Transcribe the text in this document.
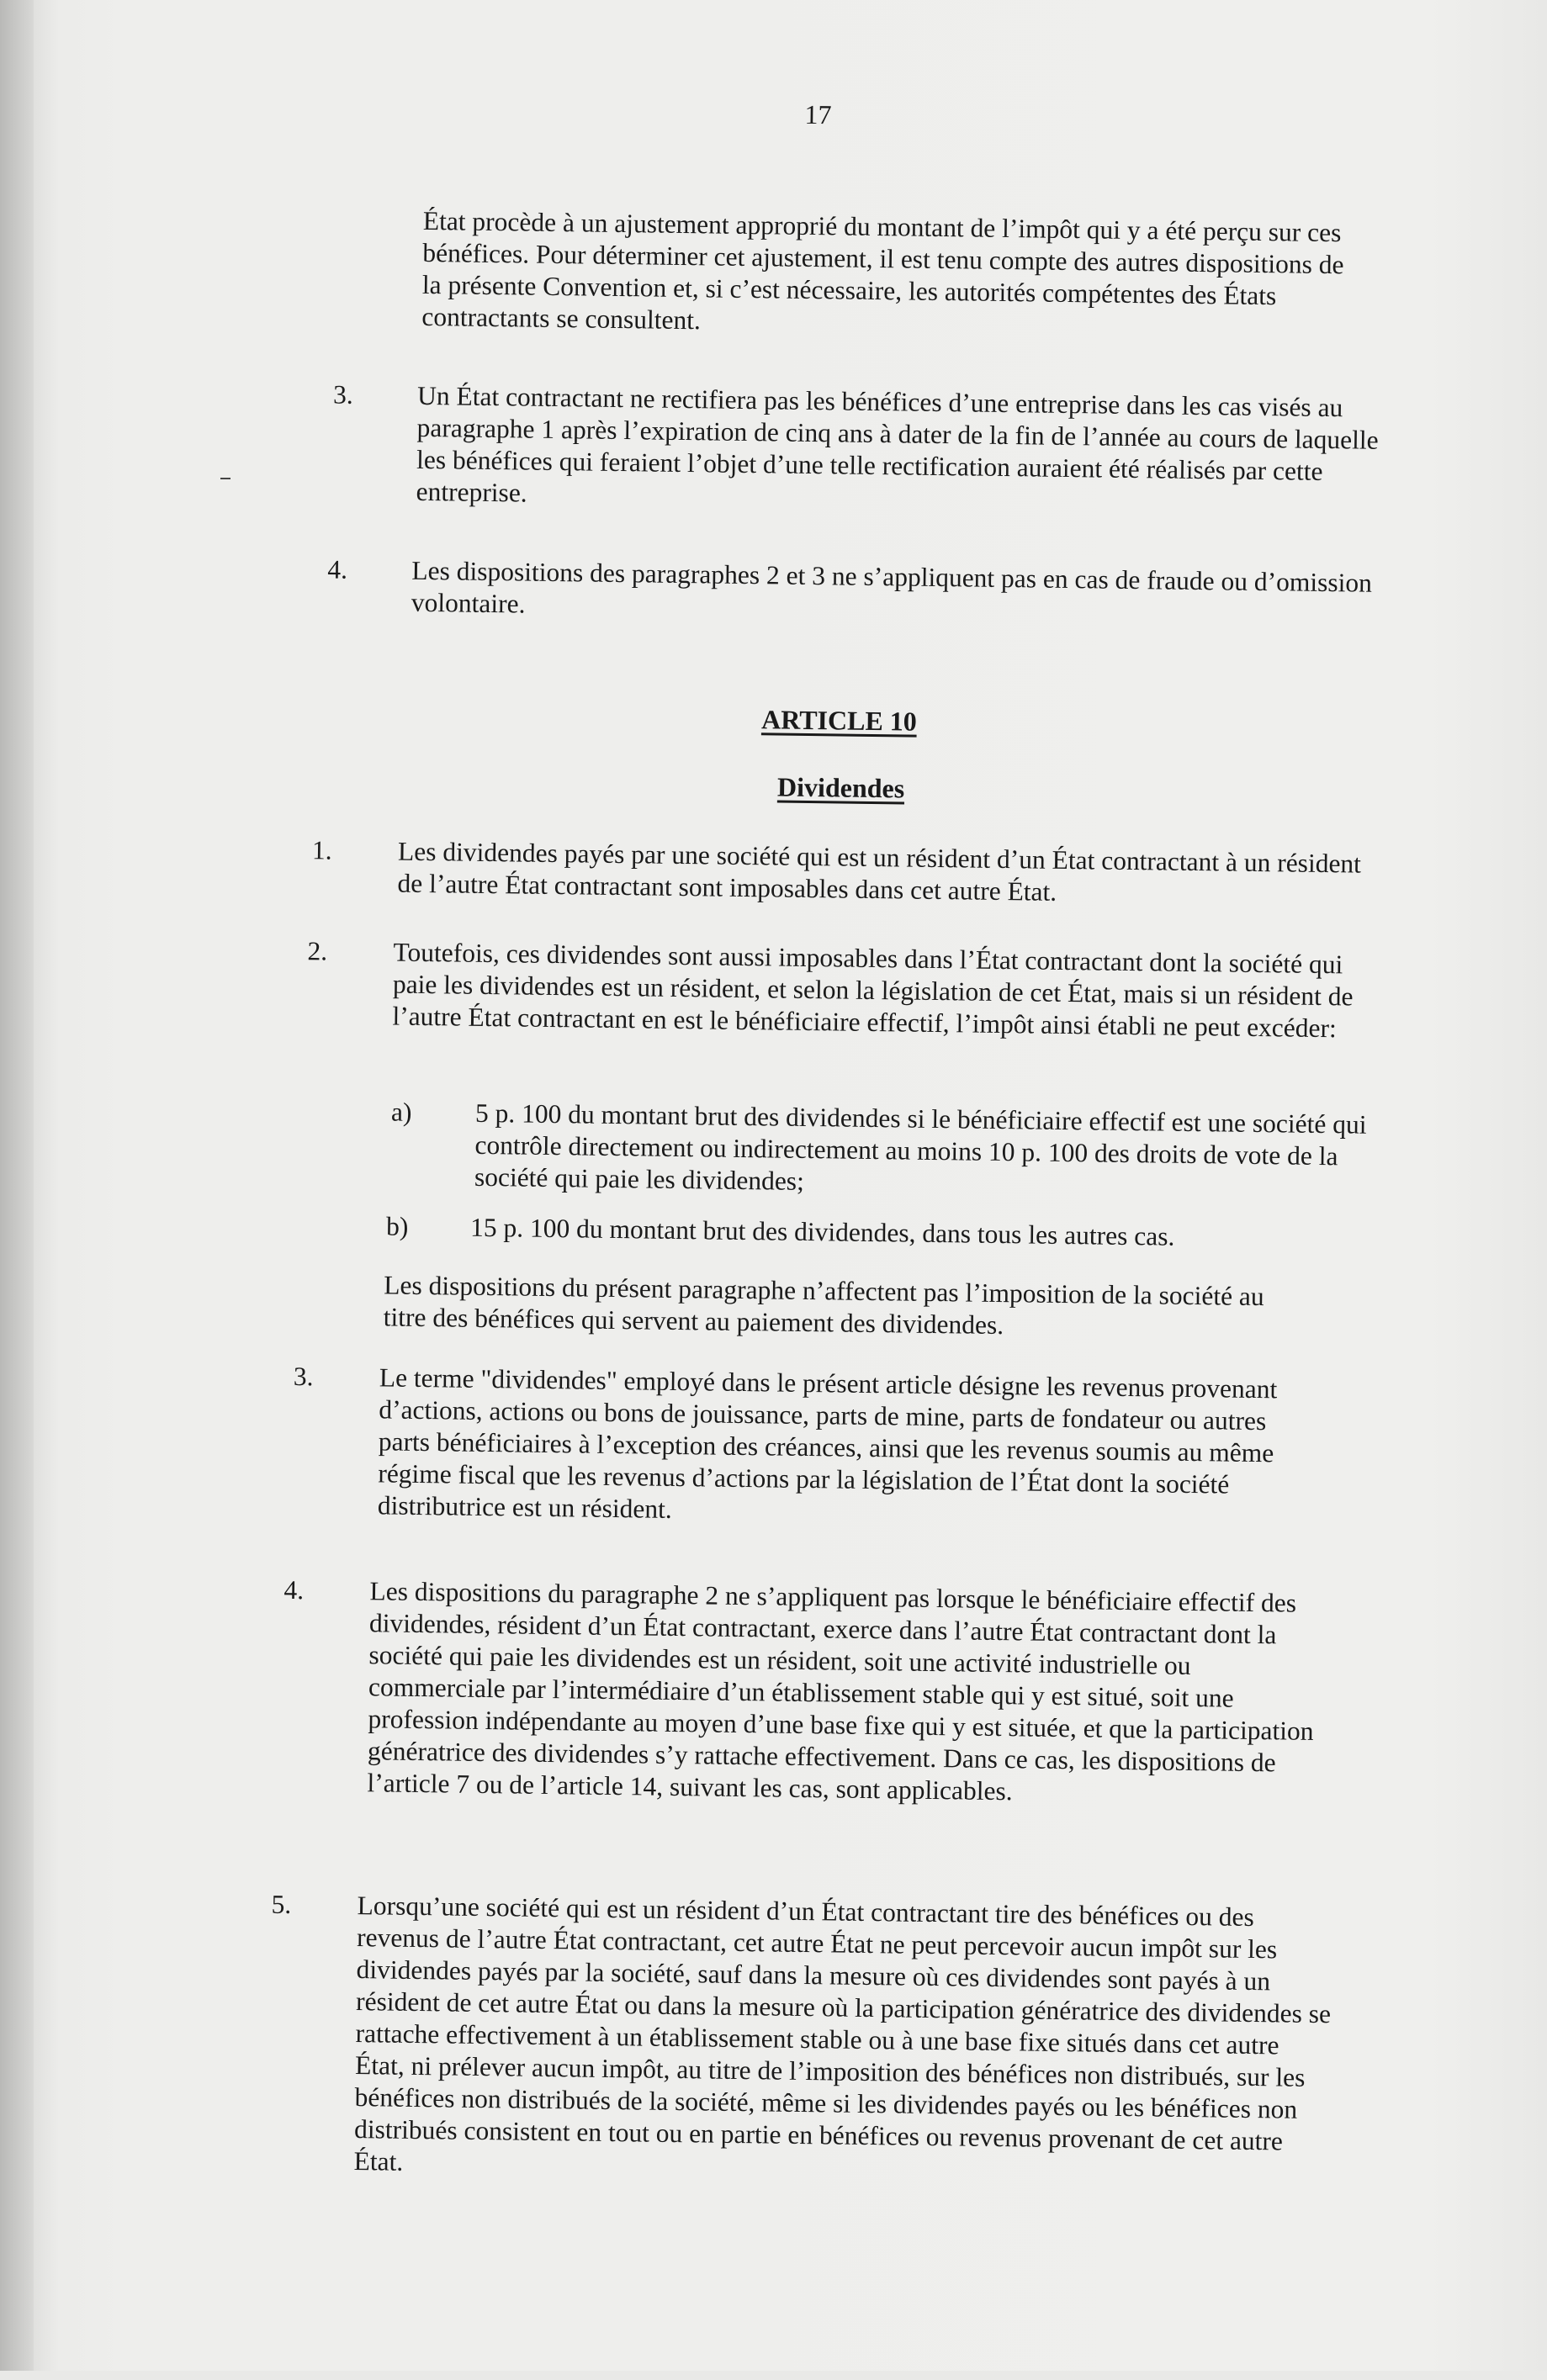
17

État procède à un ajustement approprié du montant de l’impôt qui y a été perçu sur ces bénéfices. Pour déterminer cet ajustement, il est tenu compte des autres dispositions de la présente Convention et, si c’est nécessaire, les autorités compétentes des États contractants se consultent.

3. Un État contractant ne rectifiera pas les bénéfices d’une entreprise dans les cas visés au paragraphe 1 après l’expiration de cinq ans à dater de la fin de l’année au cours de laquelle les bénéfices qui feraient l’objet d’une telle rectification auraient été réalisés par cette entreprise.

4. Les dispositions des paragraphes 2 et 3 ne s’appliquent pas en cas de fraude ou d’omission volontaire.

ARTICLE 10
Dividendes
1. Les dividendes payés par une société qui est un résident d’un État contractant à un résident de l’autre État contractant sont imposables dans cet autre État.

2. Toutefois, ces dividendes sont aussi imposables dans l’État contractant dont la société qui paie les dividendes est un résident, et selon la législation de cet État, mais si un résident de l’autre État contractant en est le bénéficiaire effectif, l’impôt ainsi établi ne peut excéder:

a) 5 p. 100 du montant brut des dividendes si le bénéficiaire effectif est une société qui contrôle directement ou indirectement au moins 10 p. 100 des droits de vote de la société qui paie les dividendes;

b) 15 p. 100 du montant brut des dividendes, dans tous les autres cas.

Les dispositions du présent paragraphe n’affectent pas l’imposition de la société au titre des bénéfices qui servent au paiement des dividendes.

3. Le terme "dividendes" employé dans le présent article désigne les revenus provenant d’actions, actions ou bons de jouissance, parts de mine, parts de fondateur ou autres parts bénéficiaires à l’exception des créances, ainsi que les revenus soumis au même régime fiscal que les revenus d’actions par la législation de l’État dont la société distributrice est un résident.

4. Les dispositions du paragraphe 2 ne s’appliquent pas lorsque le bénéficiaire effectif des dividendes, résident d’un État contractant, exerce dans l’autre État contractant dont la société qui paie les dividendes est un résident, soit une activité industrielle ou commerciale par l’intermédiaire d’un établissement stable qui y est situé, soit une profession indépendante au moyen d’une base fixe qui y est située, et que la participation génératrice des dividendes s’y rattache effectivement. Dans ce cas, les dispositions de l’article 7 ou de l’article 14, suivant les cas, sont applicables.

5. Lorsqu’une société qui est un résident d’un État contractant tire des bénéfices ou des revenus de l’autre État contractant, cet autre État ne peut percevoir aucun impôt sur les dividendes payés par la société, sauf dans la mesure où ces dividendes sont payés à un résident de cet autre État ou dans la mesure où la participation génératrice des dividendes se rattache effectivement à un établissement stable ou à une base fixe situés dans cet autre État, ni prélever aucun impôt, au titre de l’imposition des bénéfices non distribués, sur les bénéfices non distribués de la société, même si les dividendes payés ou les bénéfices non distribués consistent en tout ou en partie en bénéfices ou revenus provenant de cet autre État.
